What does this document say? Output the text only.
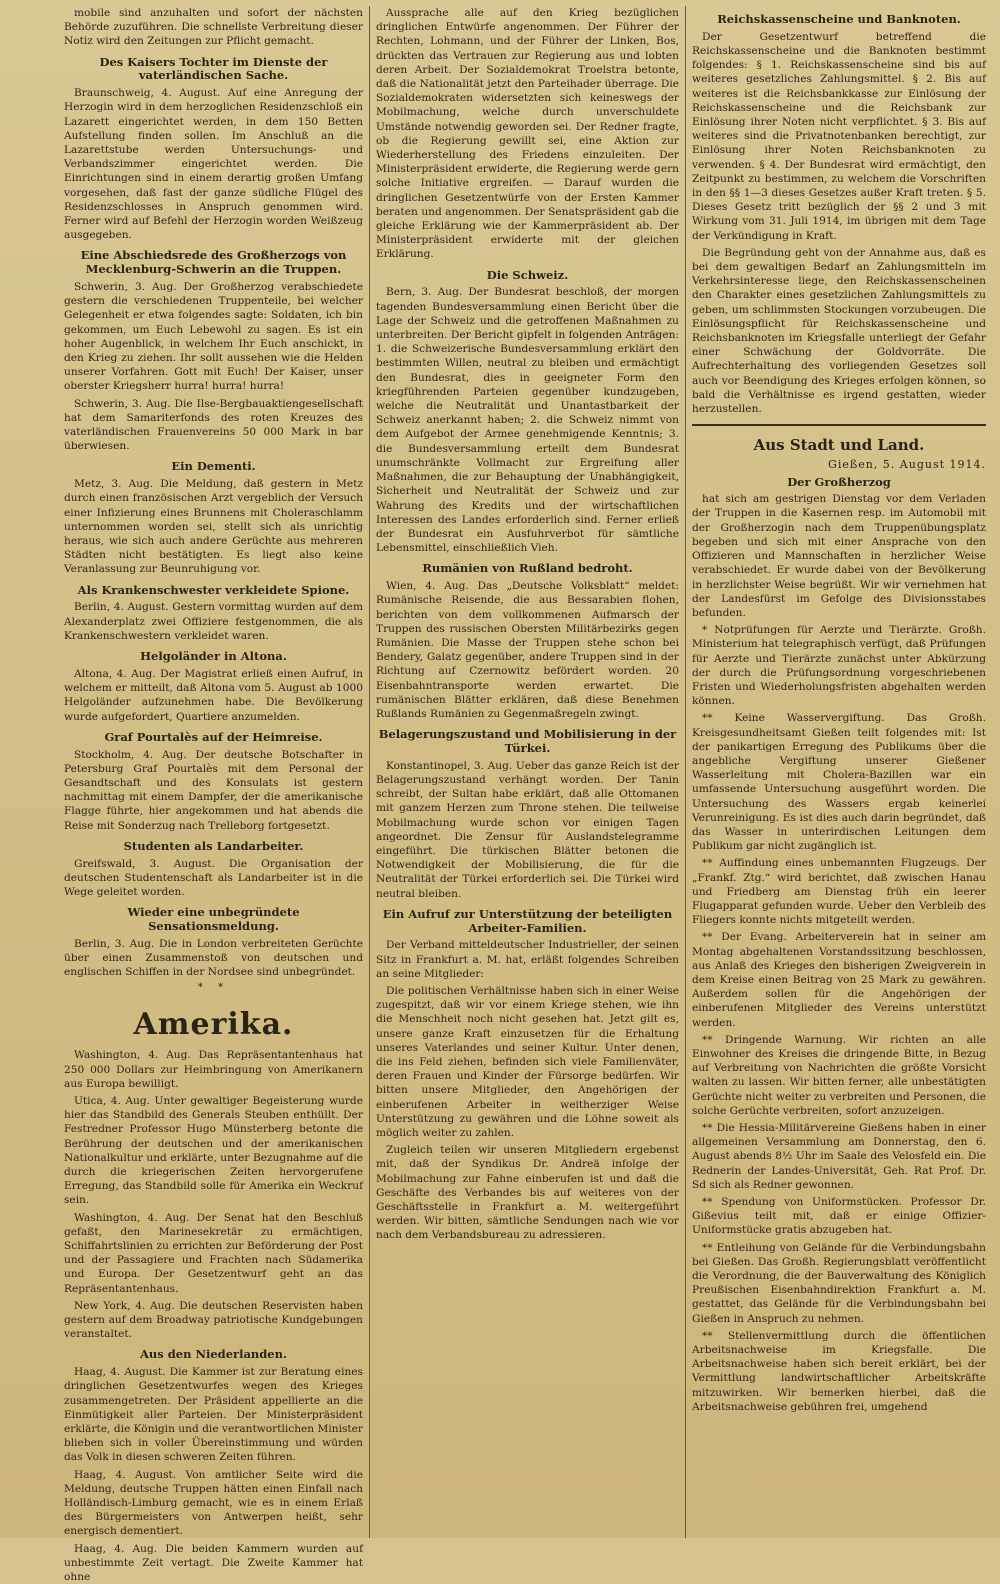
mobile sind anzuhalten und sofort der nächsten Behörde zuzuführen. Die schnellste Verbreitung dieser Notiz wird den Zeitungen zur Pflicht gemacht.

Des Kaisers Tochter im Dienste der vaterländischen Sache.

Braunschweig, 4. August. Auf eine Anregung der Herzogin wird in dem herzoglichen Residenzschloß ein Lazarett eingerichtet werden, in dem 150 Betten Aufstellung finden sollen. Im Anschluß an die Lazarettstube werden Untersuchungs- und Verbandszimmer eingerichtet werden. Die Einrichtungen sind in einem derartig großen Umfang vorgesehen, daß fast der ganze südliche Flügel des Residenzschlosses in Anspruch genommen wird. Ferner wird auf Befehl der Herzogin worden Weißzeug ausgegeben.

Eine Abschiedsrede des Großherzogs von Mecklenburg-Schwerin an die Truppen.

Schwerin, 3. Aug. Der Großherzog verabschiedete gestern die verschiedenen Truppenteile, bei welcher Gelegenheit er etwa folgendes sagte: Soldaten, ich bin gekommen, um Euch Lebewohl zu sagen. Es ist ein hoher Augenblick, in welchem Ihr Euch anschickt, in den Krieg zu ziehen. Ihr sollt aussehen wie die Helden unserer Vorfahren. Gott mit Euch! Der Kaiser, unser oberster Kriegsherr hurra! hurra! hurra!

Schwerin, 3. Aug. Die Ilse-Bergbauaktiengesellschaft hat dem Samariterfonds des roten Kreuzes des vaterländischen Frauenvereins 50 000 Mark in bar überwiesen.

Ein Dementi.

Metz, 3. Aug. Die Meldung, daß gestern in Metz durch einen französischen Arzt vergeblich der Versuch einer Infizierung eines Brunnens mit Choleraschlamm unternommen worden sei, stellt sich als unrichtig heraus, wie sich auch andere Gerüchte aus mehreren Städten nicht bestätigten. Es liegt also keine Veranlassung zur Beunruhigung vor.

Als Krankenschwester verkleidete Spione.

Berlin, 4. August. Gestern vormittag wurden auf dem Alexanderplatz zwei Offiziere festgenommen, die als Krankenschwestern verkleidet waren.

Helgoländer in Altona.

Altona, 4. Aug. Der Magistrat erließ einen Aufruf, in welchem er mitteilt, daß Altona vom 5. August ab 1000 Helgoländer aufzunehmen habe. Die Bevölkerung wurde aufgefordert, Quartiere anzumelden.

Graf Pourtalès auf der Heimreise.

Stockholm, 4. Aug. Der deutsche Botschafter in Petersburg Graf Pourtalès mit dem Personal der Gesandtschaft und des Konsulats ist gestern nachmittag mit einem Dampfer, der die amerikanische Flagge führte, hier angekommen und hat abends die Reise mit Sonderzug nach Trelleborg fortgesetzt.

Studenten als Landarbeiter.

Greifswald, 3. August. Die Organisation der deutschen Studentenschaft als Landarbeiter ist in die Wege geleitet worden.

Wieder eine unbegründete Sensationsmeldung.

Berlin, 3. Aug. Die in London verbreiteten Gerüchte über einen Zusammenstoß von deutschen und englischen Schiffen in der Nordsee sind unbegründet.

* *
Amerika.

Washington, 4. Aug. Das Repräsentantenhaus hat 250 000 Dollars zur Heimbringung von Amerikanern aus Europa bewilligt.

Utica, 4. Aug. Unter gewaltiger Begeisterung wurde hier das Standbild des Generals Steuben enthüllt. Der Festredner Professor Hugo Münsterberg betonte die Berührung der deutschen und der amerikanischen Nationalkultur und erklärte, unter Bezugnahme auf die durch die kriegerischen Zeiten hervorgerufene Erregung, das Standbild solle für Amerika ein Weckruf sein.

Washington, 4. Aug. Der Senat hat den Beschluß gefaßt, den Marinesekretär zu ermächtigen, Schiffahrtslinien zu errichten zur Beförderung der Post und der Passagiere und Frachten nach Südamerika und Europa. Der Gesetzentwurf geht an das Repräsentantenhaus.

New York, 4. Aug. Die deutschen Reservisten haben gestern auf dem Broadway patriotische Kundgebungen veranstaltet.

Aus den Niederlanden.

Haag, 4. August. Die Kammer ist zur Beratung eines dringlichen Gesetzentwurfes wegen des Krieges zusammengetreten. Der Präsident appellierte an die Einmütigkeit aller Parteien. Der Ministerpräsident erklärte, die Königin und die verantwortlichen Minister blieben sich in voller Übereinstimmung und würden das Volk in diesen schweren Zeiten führen.

Haag, 4. August. Von amtlicher Seite wird die Meldung, deutsche Truppen hätten einen Einfall nach Holländisch-Limburg gemacht, wie es in einem Erlaß des Bürgermeisters von Antwerpen heißt, sehr energisch dementiert.

Haag, 4. Aug. Die beiden Kammern wurden auf unbestimmte Zeit vertagt. Die Zweite Kammer hat ohne

Aussprache alle auf den Krieg bezüglichen dringlichen Entwürfe angenommen. Der Führer der Rechten, Lohmann, und der Führer der Linken, Bos, drückten das Vertrauen zur Regierung aus und lobten deren Arbeit. Der Sozialdemokrat Troelstra betonte, daß die Nationalität jetzt den Parteihader überrage. Die Sozialdemokraten widersetzten sich keineswegs der Mobilmachung, welche durch unverschuldete Umstände notwendig geworden sei. Der Redner fragte, ob die Regierung gewillt sei, eine Aktion zur Wiederherstellung des Friedens einzuleiten. Der Ministerpräsident erwiderte, die Regierung werde gern solche Initiative ergreifen. — Darauf wurden die dringlichen Gesetzentwürfe von der Ersten Kammer beraten und angenommen. Der Senatspräsident gab die gleiche Erklärung wie der Kammerpräsident ab. Der Ministerpräsident erwiderte mit der gleichen Erklärung.

Die Schweiz.

Bern, 3. Aug. Der Bundesrat beschloß, der morgen tagenden Bundesversammlung einen Bericht über die Lage der Schweiz und die getroffenen Maßnahmen zu unterbreiten. Der Bericht gipfelt in folgenden Anträgen: 1. die Schweizerische Bundesversammlung erklärt den bestimmten Willen, neutral zu bleiben und ermächtigt den Bundesrat, dies in geeigneter Form den kriegführenden Parteien gegenüber kundzugeben, welche die Neutralität und Unantastbarkeit der Schweiz anerkannt haben; 2. die Schweiz nimmt von dem Aufgebot der Armee genehmigende Kenntnis; 3. die Bundesversammlung erteilt dem Bundesrat unumschränkte Vollmacht zur Ergreifung aller Maßnahmen, die zur Behauptung der Unabhängigkeit, Sicherheit und Neutralität der Schweiz und zur Wahrung des Kredits und der wirtschaftlichen Interessen des Landes erforderlich sind. Ferner erließ der Bundesrat ein Ausfuhrverbot für sämtliche Lebensmittel, einschließlich Vieh.

Rumänien von Rußland bedroht.

Wien, 4. Aug. Das „Deutsche Volksblatt“ meldet: Rumänische Reisende, die aus Bessarabien flohen, berichten von dem vollkommenen Aufmarsch der Truppen des russischen Obersten Militärbezirks gegen Rumänien. Die Masse der Truppen stehe schon bei Bendery, Galatz gegenüber, andere Truppen sind in der Richtung auf Czernowitz befördert worden. 20 Eisenbahntransporte werden erwartet. Die rumänischen Blätter erklären, daß diese Benehmen Rußlands Rumänien zu Gegenmaßregeln zwingt.

Belagerungszustand und Mobilisierung in der Türkei.

Konstantinopel, 3. Aug. Ueber das ganze Reich ist der Belagerungszustand verhängt worden. Der Tanin schreibt, der Sultan habe erklärt, daß alle Ottomanen mit ganzem Herzen zum Throne stehen. Die teilweise Mobilmachung wurde schon vor einigen Tagen angeordnet. Die Zensur für Auslandstelegramme eingeführt. Die türkischen Blätter betonen die Notwendigkeit der Mobilisierung, die für die Neutralität der Türkei erforderlich sei. Die Türkei wird neutral bleiben.

Ein Aufruf zur Unterstützung der beteiligten Arbeiter-Familien.

Der Verband mitteldeutscher Industrieller, der seinen Sitz in Frankfurt a. M. hat, erläßt folgendes Schreiben an seine Mitglieder:

Die politischen Verhältnisse haben sich in einer Weise zugespitzt, daß wir vor einem Kriege stehen, wie ihn die Menschheit noch nicht gesehen hat. Jetzt gilt es, unsere ganze Kraft einzusetzen für die Erhaltung unseres Vaterlandes und seiner Kultur. Unter denen, die ins Feld ziehen, befinden sich viele Familienväter, deren Frauen und Kinder der Fürsorge bedürfen. Wir bitten unsere Mitglieder, den Angehörigen der einberufenen Arbeiter in weitherziger Weise Unterstützung zu gewähren und die Löhne soweit als möglich weiter zu zahlen.

Zugleich teilen wir unseren Mitgliedern ergebenst mit, daß der Syndikus Dr. Andreä infolge der Mobilmachung zur Fahne einberufen ist und daß die Geschäfte des Verbandes bis auf weiteres von der Geschäftsstelle in Frankfurt a. M. weitergeführt werden. Wir bitten, sämtliche Sendungen nach wie vor nach dem Verbandsbureau zu adressieren.

Reichskassenscheine und Banknoten.

Der Gesetzentwurf betreffend die Reichskassenscheine und die Banknoten bestimmt folgendes: § 1. Reichskassenscheine sind bis auf weiteres gesetzliches Zahlungsmittel. § 2. Bis auf weiteres ist die Reichsbankkasse zur Einlösung der Reichskassenscheine und die Reichsbank zur Einlösung ihrer Noten nicht verpflichtet. § 3. Bis auf weiteres sind die Privatnotenbanken berechtigt, zur Einlösung ihrer Noten Reichsbanknoten zu verwenden. § 4. Der Bundesrat wird ermächtigt, den Zeitpunkt zu bestimmen, zu welchem die Vorschriften in den §§ 1—3 dieses Gesetzes außer Kraft treten. § 5. Dieses Gesetz tritt bezüglich der §§ 2 und 3 mit Wirkung vom 31. Juli 1914, im übrigen mit dem Tage der Verkündigung in Kraft.

Die Begründung geht von der Annahme aus, daß es bei dem gewaltigen Bedarf an Zahlungsmitteln im Verkehrsinteresse liege, den Reichskassenscheinen den Charakter eines gesetzlichen Zahlungsmittels zu geben, um schlimmsten Stockungen vorzubeugen. Die Einlösungspflicht für Reichskassenscheine und Reichsbanknoten im Kriegsfalle unterliegt der Gefahr einer Schwächung der Goldvorräte. Die Aufrechterhaltung des vorliegenden Gesetzes soll auch vor Beendigung des Krieges erfolgen können, so bald die Verhältnisse es irgend gestatten, wieder herzustellen.

Aus Stadt und Land.
Gießen, 5. August 1914.
Der Großherzog

hat sich am gestrigen Dienstag vor dem Verladen der Truppen in die Kasernen resp. im Automobil mit der Großherzogin nach dem Truppenübungsplatz begeben und sich mit einer Ansprache von den Offizieren und Mannschaften in herzlicher Weise verabschiedet. Er wurde dabei von der Bevölkerung in herzlichster Weise begrüßt. Wir wir vernehmen hat der Landesfürst im Gefolge des Divisionsstabes befunden.

* Notprüfungen für Aerzte und Tierärzte. Großh. Ministerium hat telegraphisch verfügt, daß Prüfungen für Aerzte und Tierärzte zunächst unter Abkürzung der durch die Prüfungsordnung vorgeschriebenen Fristen und Wiederholungsfristen abgehalten werden können.

** Keine Wasservergiftung. Das Großh. Kreisgesundheitsamt Gießen teilt folgendes mit: Ist der panikartigen Erregung des Publikums über die angebliche Vergiftung unserer Gießener Wasserleitung mit Cholera-Bazillen war ein umfassende Untersuchung ausgeführt worden. Die Untersuchung des Wassers ergab keinerlei Verunreinigung. Es ist dies auch darin begründet, daß das Wasser in unterirdischen Leitungen dem Publikum gar nicht zugänglich ist.

** Auffindung eines unbemannten Flugzeugs. Der „Frankf. Ztg.“ wird berichtet, daß zwischen Hanau und Friedberg am Dienstag früh ein leerer Flugapparat gefunden wurde. Ueber den Verbleib des Fliegers konnte nichts mitgeteilt werden.

** Der Evang. Arbeiterverein hat in seiner am Montag abgehaltenen Vorstandssitzung beschlossen, aus Anlaß des Krieges den bisherigen Zweigverein in dem Kreise einen Beitrag von 25 Mark zu gewähren. Außerdem sollen für die Angehörigen der einberufenen Mitglieder des Vereins unterstützt werden.

** Dringende Warnung. Wir richten an alle Einwohner des Kreises die dringende Bitte, in Bezug auf Verbreitung von Nachrichten die größte Vorsicht walten zu lassen. Wir bitten ferner, alle unbestätigten Gerüchte nicht weiter zu verbreiten und Personen, die solche Gerüchte verbreiten, sofort anzuzeigen.

** Die Hessia-Militärvereine Gießens haben in einer allgemeinen Versammlung am Donnerstag, den 6. August abends 8½ Uhr im Saale des Velosfeld ein. Die Rednerin der Landes-Universität, Geh. Rat Prof. Dr. Sd sich als Redner gewonnen.

** Spendung von Uniformstücken. Professor Dr. Gißevius teilt mit, daß er einige Offizier-Uniformstücke gratis abzugeben hat.

** Entleihung von Gelände für die Verbindungsbahn bei Gießen. Das Großh. Regierungsblatt veröffentlicht die Verordnung, die der Bauverwaltung des Königlich Preußischen Eisenbahndirektion Frankfurt a. M. gestattet, das Gelände für die Verbindungsbahn bei Gießen in Anspruch zu nehmen.

** Stellenvermittlung durch die öffentlichen Arbeitsnachweise im Kriegsfalle. Die Arbeitsnachweise haben sich bereit erklärt, bei der Vermittlung landwirtschaftlicher Arbeitskräfte mitzuwirken. Wir bemerken hierbei, daß die Arbeitsnachweise gebühren frei, umgehend
